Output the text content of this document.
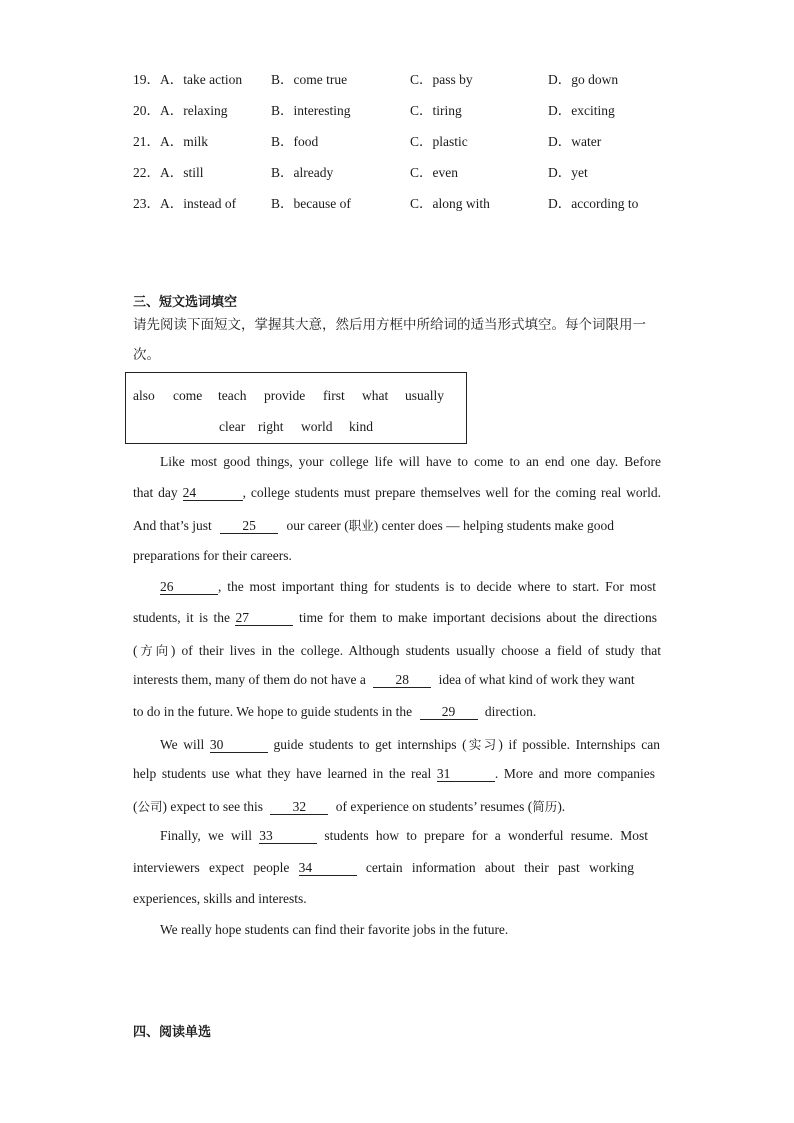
19．A．take action B．come true	C．pass by	D．go down
20．A．relaxing	B．interesting	C．tiring	D．exciting
21．A．milk	B．food	C．plastic	D．water
22．A．still	B．already	C．even	D．yet
23．A．instead of	B．because of	C．along with	D．according to
三、短文选词填空
请先阅读下面短文，掌握其大意，然后用方框中所给词的适当形式填空。每个词限用一次。
also come teach provide first what usually
clear right world kind
Like most good things, your college life will have to come to an end one day. Before
that day 24	, college students must prepare themselves well for the coming real world.
And that’s just 25 our career (职业) center does — helping students make good
preparations for their careers.
26	, the most important thing for students is to decide where to start. For most
students, it is the 27	time for them to make important decisions about the directions
(方向) of their lives in the college. Although students usually choose a field of study that
interests them, many of them do not have a 28 idea of what kind of work they want
to do in the future. We hope to guide students in the 29 direction.
We will 30	guide students to get internships (实习) if possible. Internships can
help students use what they have learned in the real 31	. More and more companies
(公司) expect to see this 32 of experience on students’ resumes (简历).
Finally, we will 33	students how to prepare for a wonderful resume. Most
interviewers expect people 34	certain information about their past working
experiences, skills and interests.
We really hope students can find their favorite jobs in the future.
四、阅读单选
